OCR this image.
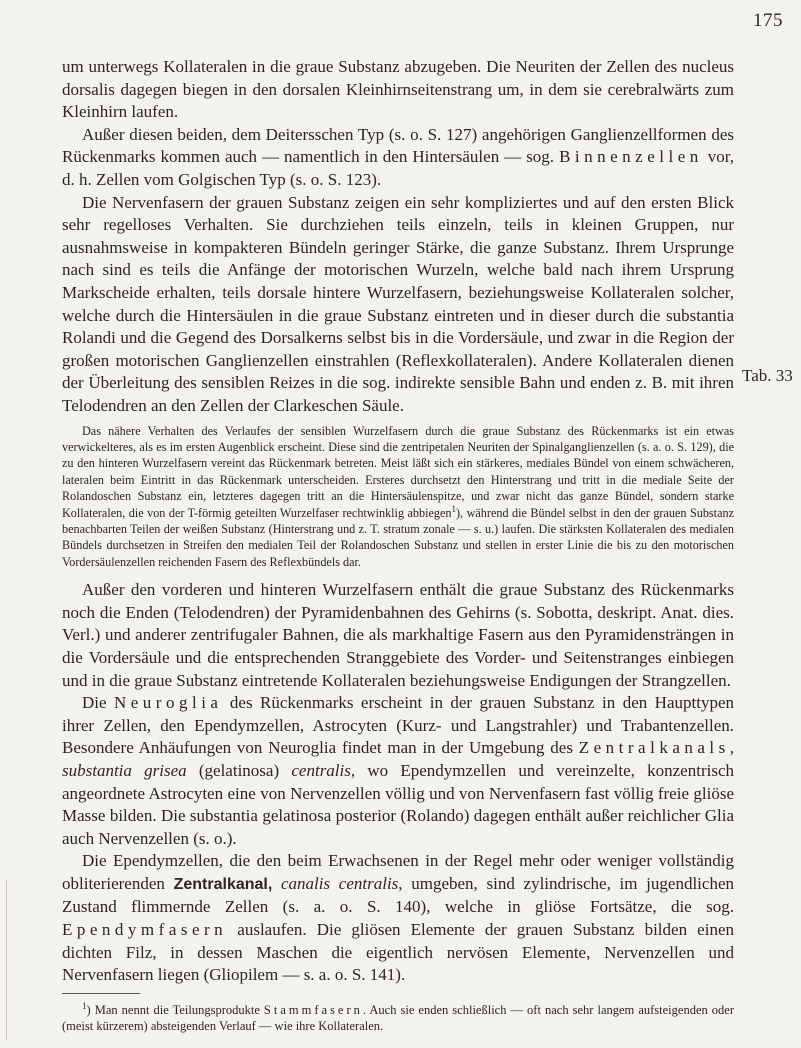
175
Tab. 33

um unterwegs Kollateralen in die graue Substanz abzugeben. Die Neuriten der Zellen des nucleus dorsalis dagegen biegen in den dorsalen Kleinhirnseitenstrang um, in dem sie cerebralwärts zum Kleinhirn laufen.

Außer diesen beiden, dem Deitersschen Typ (s. o. S. 127) angehörigen Ganglienzellformen des Rückenmarks kommen auch — namentlich in den Hintersäulen — sog. Binnenzellen vor, d. h. Zellen vom Golgischen Typ (s. o. S. 123).

Die Nervenfasern der grauen Substanz zeigen ein sehr kompliziertes und auf den ersten Blick sehr regelloses Verhalten. Sie durchziehen teils einzeln, teils in kleinen Gruppen, nur ausnahmsweise in kompakteren Bündeln geringer Stärke, die ganze Substanz. Ihrem Ursprunge nach sind es teils die Anfänge der motorischen Wurzeln, welche bald nach ihrem Ursprung Markscheide erhalten, teils dorsale hintere Wurzelfasern, beziehungsweise Kollateralen solcher, welche durch die Hintersäulen in die graue Substanz eintreten und in dieser durch die substantia Rolandi und die Gegend des Dorsalkerns selbst bis in die Vordersäule, und zwar in die Region der großen motorischen Ganglienzellen einstrahlen (Reflexkollateralen). Andere Kollateralen dienen der Überleitung des sensiblen Reizes in die sog. indirekte sensible Bahn und enden z. B. mit ihren Telodendren an den Zellen der Clarkeschen Säule.

Das nähere Verhalten des Verlaufes der sensiblen Wurzelfasern durch die graue Substanz des Rückenmarks ist ein etwas verwickelteres, als es im ersten Augenblick erscheint. Diese sind die zentripetalen Neuriten der Spinalganglienzellen (s. a. o. S. 129), die zu den hinteren Wurzelfasern vereint das Rückenmark betreten. Meist läßt sich ein stärkeres, mediales Bündel von einem schwächeren, lateralen beim Eintritt in das Rückenmark unterscheiden. Ersteres durchsetzt den Hinterstrang und tritt in die mediale Seite der Rolandoschen Substanz ein, letzteres dagegen tritt an die Hintersäulenspitze, und zwar nicht das ganze Bündel, sondern starke Kollateralen, die von der T-förmig geteilten Wurzelfaser rechtwinklig abbiegen$^1$), während die Bündel selbst in den der grauen Substanz benachbarten Teilen der weißen Substanz (Hinterstrang und z. T. stratum zonale — s. u.) laufen. Die stärksten Kollateralen des medialen Bündels durchsetzen in Streifen den medialen Teil der Rolandoschen Substanz und stellen in erster Linie die bis zu den motorischen Vordersäulenzellen reichenden Fasern des Reflexbündels dar.

Außer den vorderen und hinteren Wurzelfasern enthält die graue Substanz des Rückenmarks noch die Enden (Telodendren) der Pyramidenbahnen des Gehirns (s. Sobotta, deskript. Anat. dies. Verl.) und anderer zentrifugaler Bahnen, die als markhaltige Fasern aus den Pyramidensträngen in die Vordersäule und die entsprechenden Stranggebiete des Vorder- und Seitenstranges einbiegen und in die graue Substanz eintretende Kollateralen beziehungsweise Endigungen der Strangzellen.

Die Neuroglia des Rückenmarks erscheint in der grauen Substanz in den Haupttypen ihrer Zellen, den Ependymzellen, Astrocyten (Kurz- und Langstrahler) und Trabantenzellen. Besondere Anhäufungen von Neuroglia findet man in der Umgebung des Zentralkanals, substantia grisea (gelatinosa) centralis, wo Ependymzellen und vereinzelte, konzentrisch angeordnete Astrocyten eine von Nervenzellen völlig und von Nervenfasern fast völlig freie gliöse Masse bilden. Die substantia gelatinosa posterior (Rolando) dagegen enthält außer reichlicher Glia auch Nervenzellen (s. o.).

Die Ependymzellen, die den beim Erwachsenen in der Regel mehr oder weniger vollständig obliterierenden Zentralkanal, canalis centralis, umgeben, sind zylindrische, im jugendlichen Zustand flimmernde Zellen (s. a. o. S. 140), welche in gliöse Fortsätze, die sog. Ependymfasern auslaufen. Die gliösen Elemente der grauen Substanz bilden einen dichten Filz, in dessen Maschen die eigentlich nervösen Elemente, Nervenzellen und Nervenfasern liegen (Gliopilem — s. a. o. S. 141).

$^1$) Man nennt die Teilungsprodukte Stammfasern. Auch sie enden schließlich — oft nach sehr langem aufsteigenden oder (meist kürzerem) absteigenden Verlauf — wie ihre Kollateralen.
